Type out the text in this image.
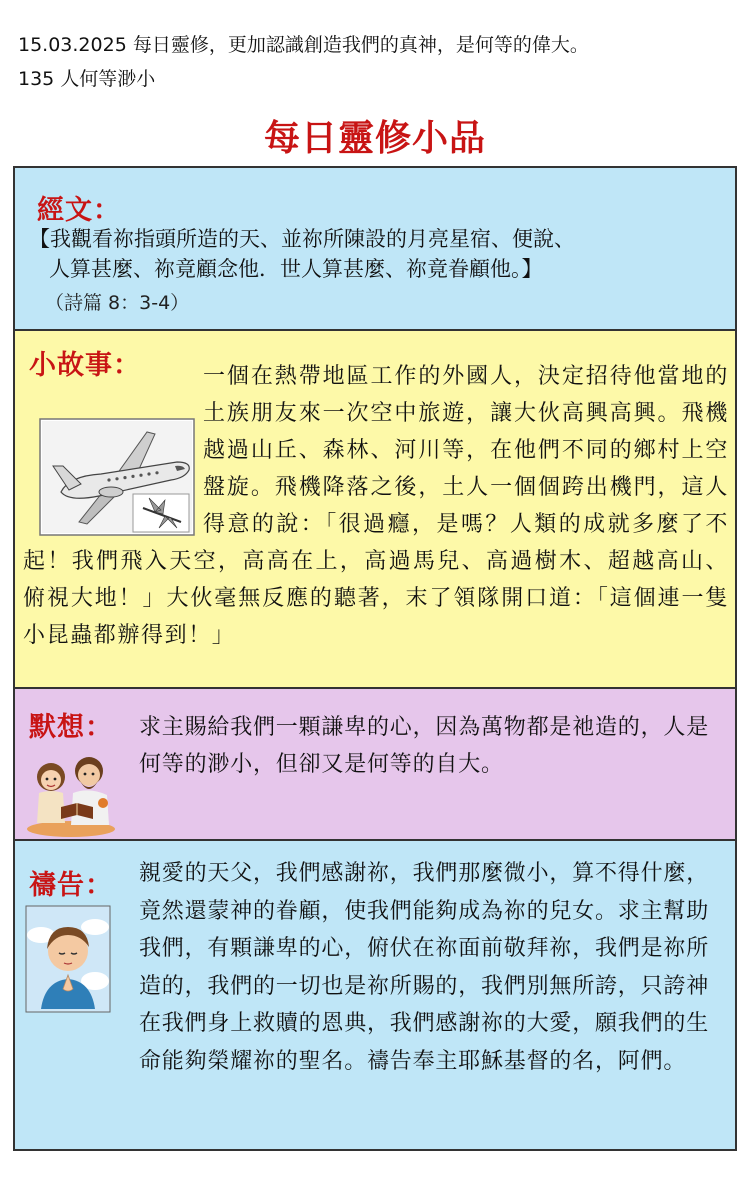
15.03.2025 每日靈修，更加認識創造我們的真神，是何等的偉大。
135 人何等渺小
每日靈修小品
經文：
【我觀看祢指頭所造的天、並祢所陳設的月亮星宿、便說、
人算甚麼、祢竟顧念他．世人算甚麼、祢竟眷顧他。】
（詩篇 8：3-4）
小故事：	一個在熱帶地區工作的外國人，決定招待他當地的土族朋友來一次空中旅遊，讓大伙高興高興。飛機越過山丘、森林、河川等，在他們不同的鄉村上空盤旋。飛機降落之後，土人一個個跨出機門，這人得意的說：「很過癮，是嗎？人類的成就多麼了不起！我們飛入天空，高高在上，高過馬兒、高過樹木、超越高山、俯視大地！」大伙毫無反應的聽著，末了領隊開口道：「這個連一隻小昆蟲都辦得到！」
默想： 求主賜給我們一顆謙卑的心，因為萬物都是祂造的，人是何等的渺小，但卻又是何等的自大。
禱告： 親愛的天父，我們感謝祢，我們那麼微小，算不得什麼，竟然還蒙神的眷顧，使我們能夠成為祢的兒女。求主幫助我們，有顆謙卑的心，俯伏在祢面前敬拜祢，我們是祢所造的，我們的一切也是祢所賜的，我們別無所誇，只誇神在我們身上救贖的恩典，我們感謝祢的大愛，願我們的生命能夠榮耀祢的聖名。禱告奉主耶穌基督的名，阿們。
